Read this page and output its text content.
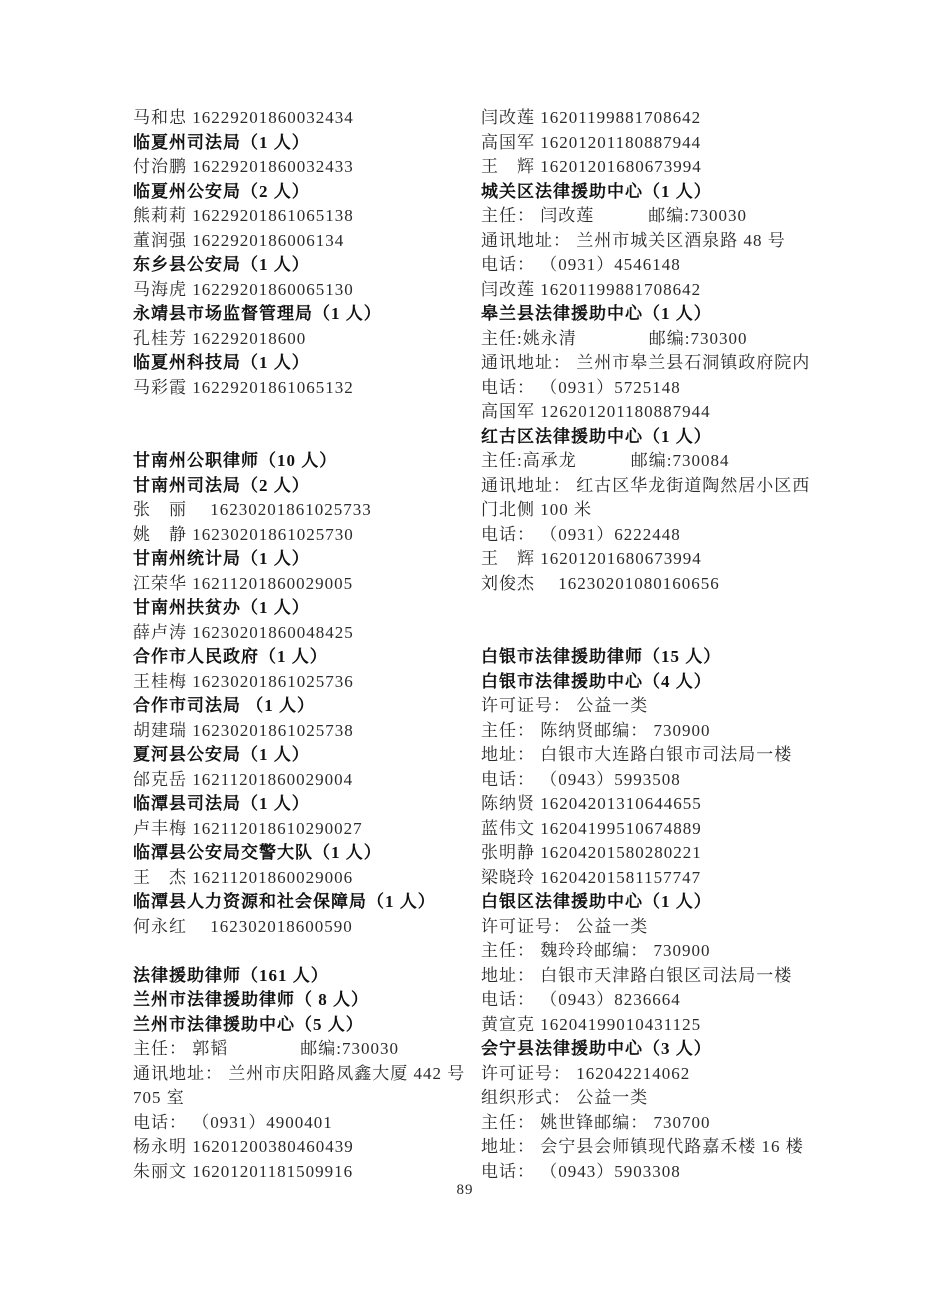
马和忠 16229201860032434
临夏州司法局（1 人）
付治鹏 16229201860032433
临夏州公安局（2 人）
熊莉莉 16229201861065138
董润强 1622920186006134
东乡县公安局（1 人）
马海虎 16229201860065130
永靖县市场监督管理局（1 人）
孔桂芳 162292018600
临夏州科技局（1 人）
马彩霞 16229201861065132
甘南州公职律师（10 人）
甘南州司法局（2 人）
张　丽　 16230201861025733
姚　静 16230201861025730
甘南州统计局（1 人）
江荣华 16211201860029005
甘南州扶贫办（1 人）
薛卢涛 16230201860048425
合作市人民政府（1 人）
王桂梅 16230201861025736
合作市司法局 （1 人）
胡建瑞 16230201861025738
夏河县公安局（1 人）
邰克岳 16211201860029004
临潭县司法局（1 人）
卢丰梅 162112018610290027
临潭县公安局交警大队（1 人）
王　杰 16211201860029006
临潭县人力资源和社会保障局（1 人）
何永红　 162302018600590
法律援助律师（161 人）
兰州市法律援助律师（ 8 人）
兰州市法律援助中心（5 人）
主任： 郭韬　　　　邮编:730030
通讯地址： 兰州市庆阳路凤鑫大厦 442 号
705 室
电话： （0931）4900401
杨永明 16201200380460439
朱丽文 16201201181509916
闫改莲 16201199881708642
高国军 16201201180887944
王　辉 16201201680673994
城关区法律援助中心（1 人）
主任： 闫改莲　　　邮编:730030
通讯地址： 兰州市城关区酒泉路 48 号
电话： （0931）4546148
闫改莲 16201199881708642
皋兰县法律援助中心（1 人）
主任:姚永清　　　　邮编:730300
通讯地址： 兰州市皋兰县石洞镇政府院内
电话： （0931）5725148
高国军 126201201180887944
红古区法律援助中心（1 人）
主任:高承龙　　　邮编:730084
通讯地址： 红古区华龙街道陶然居小区西
门北侧 100 米
电话： （0931）6222448
王　辉 16201201680673994
刘俊杰　 16230201080160656
白银市法律援助律师（15 人）
白银市法律援助中心（4 人）
许可证号： 公益一类
主任： 陈纳贤邮编： 730900
地址： 白银市大连路白银市司法局一楼
电话： （0943）5993508
陈纳贤 16204201310644655
蓝伟文 16204199510674889
张明静 16204201580280221
梁晓玲 16204201581157747
白银区法律援助中心（1 人）
许可证号： 公益一类
主任： 魏玲玲邮编： 730900
地址： 白银市天津路白银区司法局一楼
电话： （0943）8236664
黄宣克 16204199010431125
会宁县法律援助中心（3 人）
许可证号： 162042214062
组织形式： 公益一类
主任： 姚世锋邮编： 730700
地址： 会宁县会师镇现代路嘉禾楼 16 楼
电话： （0943）5903308
89
